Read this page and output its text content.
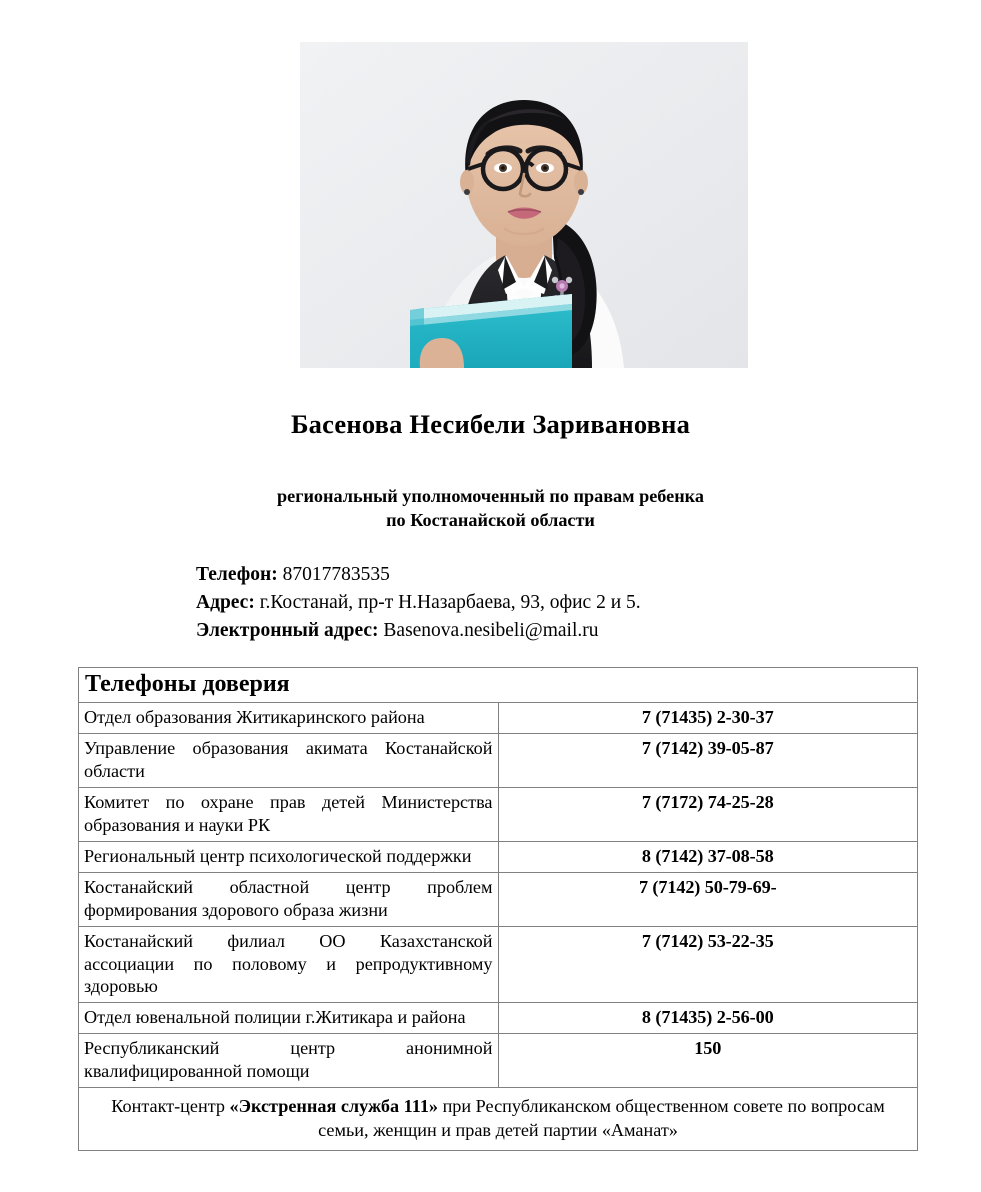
Басенова Несибели Заривановна
региональный уполномоченный по правам ребенка
по Костанайской области
Телефон: 87017783535
Адрес: г.Костанай, пр-т Н.Назарбаева, 93, офис 2 и 5.
Электронный адрес: Basenova.nesibeli@mail.ru
Телефоны доверия	
Отдел образования Житикаринского района	7 (71435) 2-30-37
Управление образования акимата Костанайской области	7 (7142) 39-05-87
Комитет по охране прав детей Министерства образования и науки РК	7 (7172) 74-25-28
Региональный центр психологической поддержки	8 (7142) 37-08-58
Костанайский областной центр проблем формирования здорового образа жизни	7 (7142) 50-79-69-
Костанайский филиал ОО Казахстанской ассоциации по половому и репродуктивному здоровью	7 (7142) 53-22-35
Отдел ювенальной полиции г.Житикара и района	8 (71435) 2-56-00
Республиканский центр анонимной квалифицированной помощи	150
Контакт-центр «Экстренная служба 111» при Республиканском общественном совете по вопросам семьи, женщин и прав детей партии «Аманат»	
